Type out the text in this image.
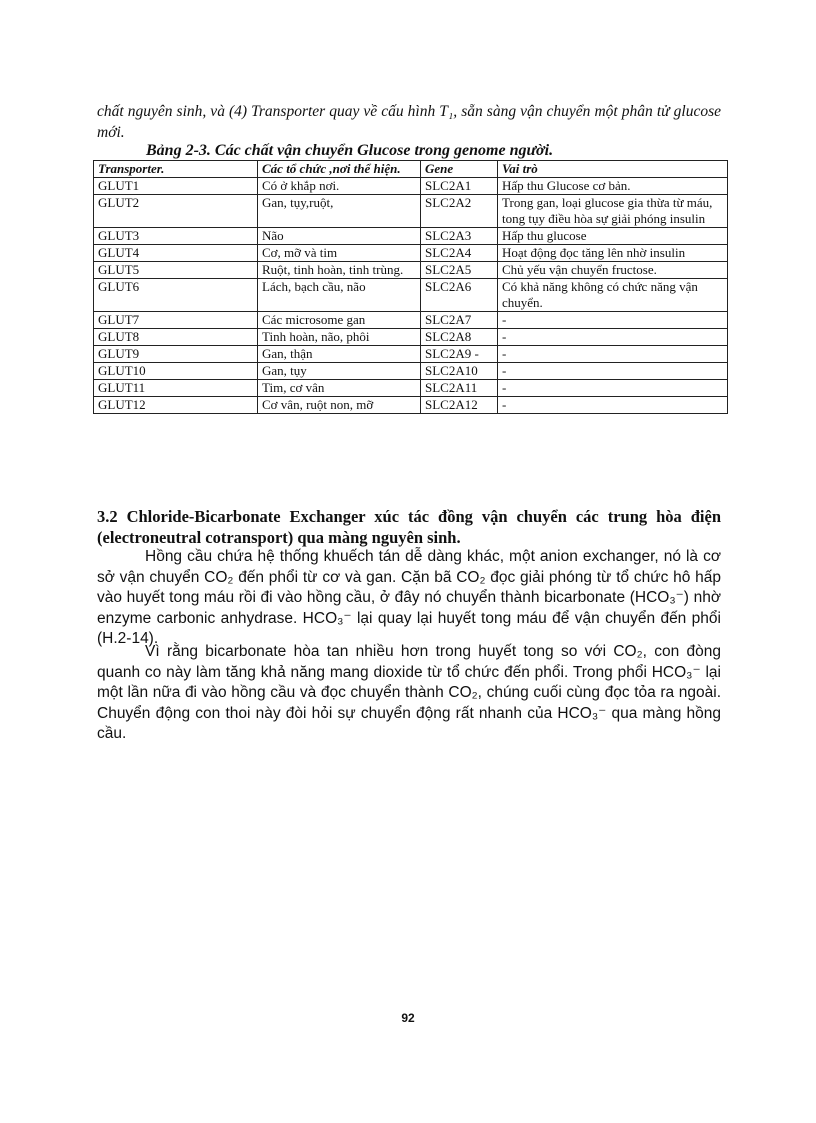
chất nguyên sinh, và (4) Transporter quay về cấu hình T₁, sẵn sàng vận chuyển một phân tử glucose mới.
Bảng 2-3. Các chất vận chuyển Glucose trong genome người.
Transporter.	Các tổ chức ,nơi thể hiện.	Gene	Vai trò
GLUT1	Có ở khắp nơi.	SLC2A1	Hấp thu Glucose cơ bản.
GLUT2	Gan, tụy,ruột,	SLC2A2	Trong gan, loại glucose gia thừa từ máu, tong tụy điều hòa sự giải phóng insulin
GLUT3	Não	SLC2A3	Hấp thu glucose
GLUT4	Cơ, mỡ và tim	SLC2A4	Hoạt động đọc tăng lên nhờ insulin
GLUT5	Ruột, tinh hoàn, tinh trùng.	SLC2A5	Chủ yếu vận chuyển fructose.
GLUT6	Lách, bạch cầu, não	SLC2A6	Có khả năng không có chức năng vận chuyển.
GLUT7	Các microsome gan	SLC2A7	-
GLUT8	Tinh hoàn, não, phôi	SLC2A8	-
GLUT9	Gan, thận	SLC2A9 -	-
GLUT10	Gan, tụy	SLC2A10	-
GLUT11	Tim, cơ vân	SLC2A11	-
GLUT12	Cơ vân, ruột non, mỡ	SLC2A12	-
3.2 Chloride-Bicarbonate Exchanger xúc tác đồng vận chuyển các trung hòa điện (electroneutral cotransport) qua màng nguyên sinh.

Hồng cầu chứa hệ thống khuếch tán dễ dàng khác, một anion exchanger, nó là cơ sở vận chuyển CO₂ đến phổi từ cơ và gan. Cặn bã CO₂ đọc giải phóng từ tổ chức hô hấp vào huyết tong máu rồi đi vào hồng cầu, ở đây nó chuyển thành bicarbonate (HCO₃⁻) nhờ enzyme carbonic anhydrase. HCO₃⁻ lại quay lại huyết tong máu để vận chuyển đến phổi (H.2-14).

Vì rằng bicarbonate hòa tan nhiều hơn trong huyết tong so với CO₂, con đòng quanh co này làm tăng khả năng mang dioxide từ tổ chức đến phổi. Trong phổi HCO₃⁻ lại một lần nữa đi vào hồng cầu và đọc chuyển thành CO₂, chúng cuối cùng đọc tỏa ra ngoài. Chuyển động con thoi này đòi hỏi sự chuyển động rất nhanh của HCO₃⁻ qua màng hồng cầu.

92
